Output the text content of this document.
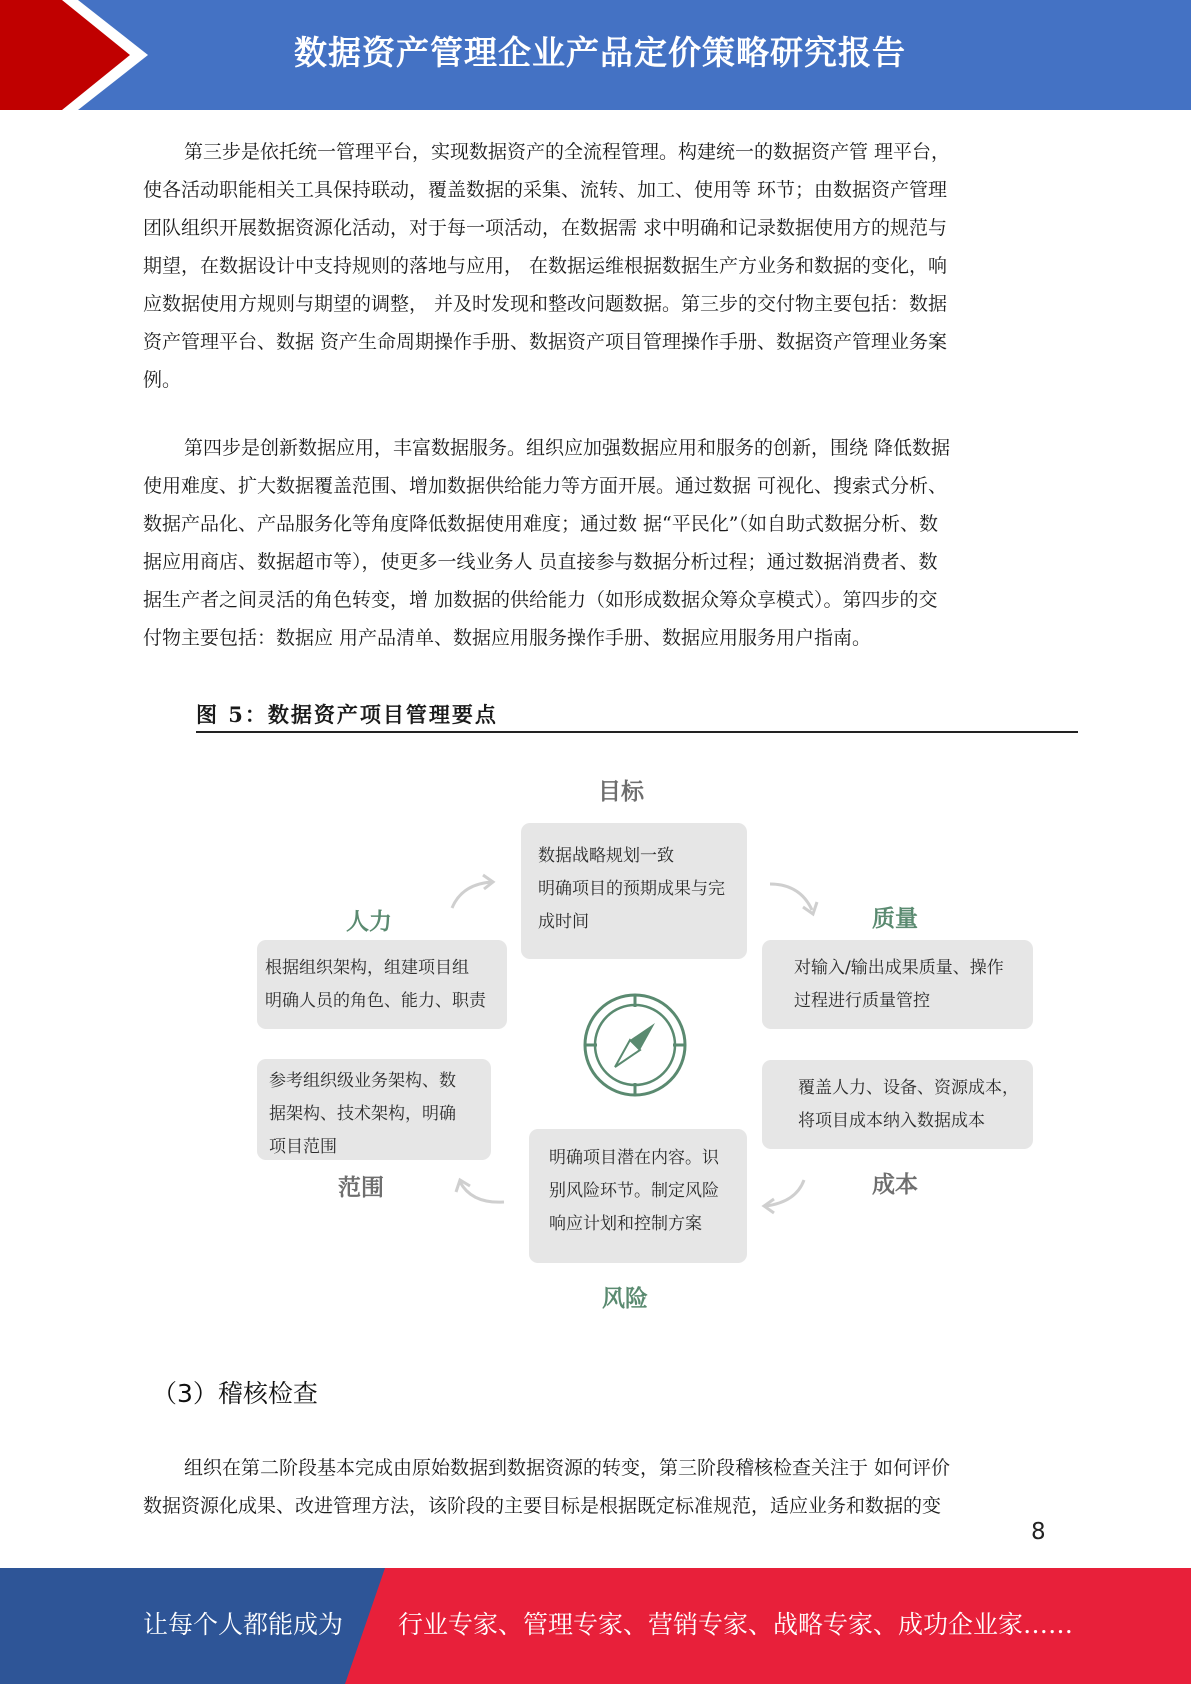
数据资产管理企业产品定价策略研究报告

第三步是依托统一管理平台，实现数据资产的全流程管理。构建统一的数据资产管 理平台，
使各活动职能相关工具保持联动，覆盖数据的采集、流转、加工、使用等 环节；由数据资产管理
团队组织开展数据资源化活动，对于每一项活动，在数据需 求中明确和记录数据使用方的规范与
期望，在数据设计中支持规则的落地与应用， 在数据运维根据数据生产方业务和数据的变化，响
应数据使用方规则与期望的调整， 并及时发现和整改问题数据。第三步的交付物主要包括：数据
资产管理平台、数据 资产生命周期操作手册、数据资产项目管理操作手册、数据资产管理业务案
例。

第四步是创新数据应用，丰富数据服务。组织应加强数据应用和服务的创新，围绕 降低数据
使用难度、扩大数据覆盖范围、增加数据供给能力等方面开展。通过数据 可视化、搜索式分析、
数据产品化、产品服务化等角度降低数据使用难度；通过数 据“平民化”（如自助式数据分析、数
据应用商店、数据超市等），使更多一线业务人 员直接参与数据分析过程；通过数据消费者、数
据生产者之间灵活的角色转变，增 加数据的供给能力（如形成数据众筹众享模式）。第四步的交
付物主要包括：数据应 用产品清单、数据应用服务操作手册、数据应用服务用户指南。

图 5：数据资产项目管理要点
目标
质量
成本
风险
范围
人力
数据战略规划一致
明确项目的预期成果与完
成时间
对输入/输出成果质量、操作
过程进行质量管控
覆盖人力、设备、资源成本，
将项目成本纳入数据成本
明确项目潜在内容。识
别风险环节。制定风险
响应计划和控制方案
参考组织级业务架构、数
据架构、技术架构，明确
项目范围
根据组织架构，组建项目组
明确人员的角色、能力、职责
（3）稽核检查

组织在第二阶段基本完成由原始数据到数据资源的转变，第三阶段稽核检查关注于 如何评价
数据资源化成果、改进管理方法，该阶段的主要目标是根据既定标准规范，适应业务和数据的变

8
让每个人都能成为 行业专家、管理专家、营销专家、战略专家、成功企业家……
